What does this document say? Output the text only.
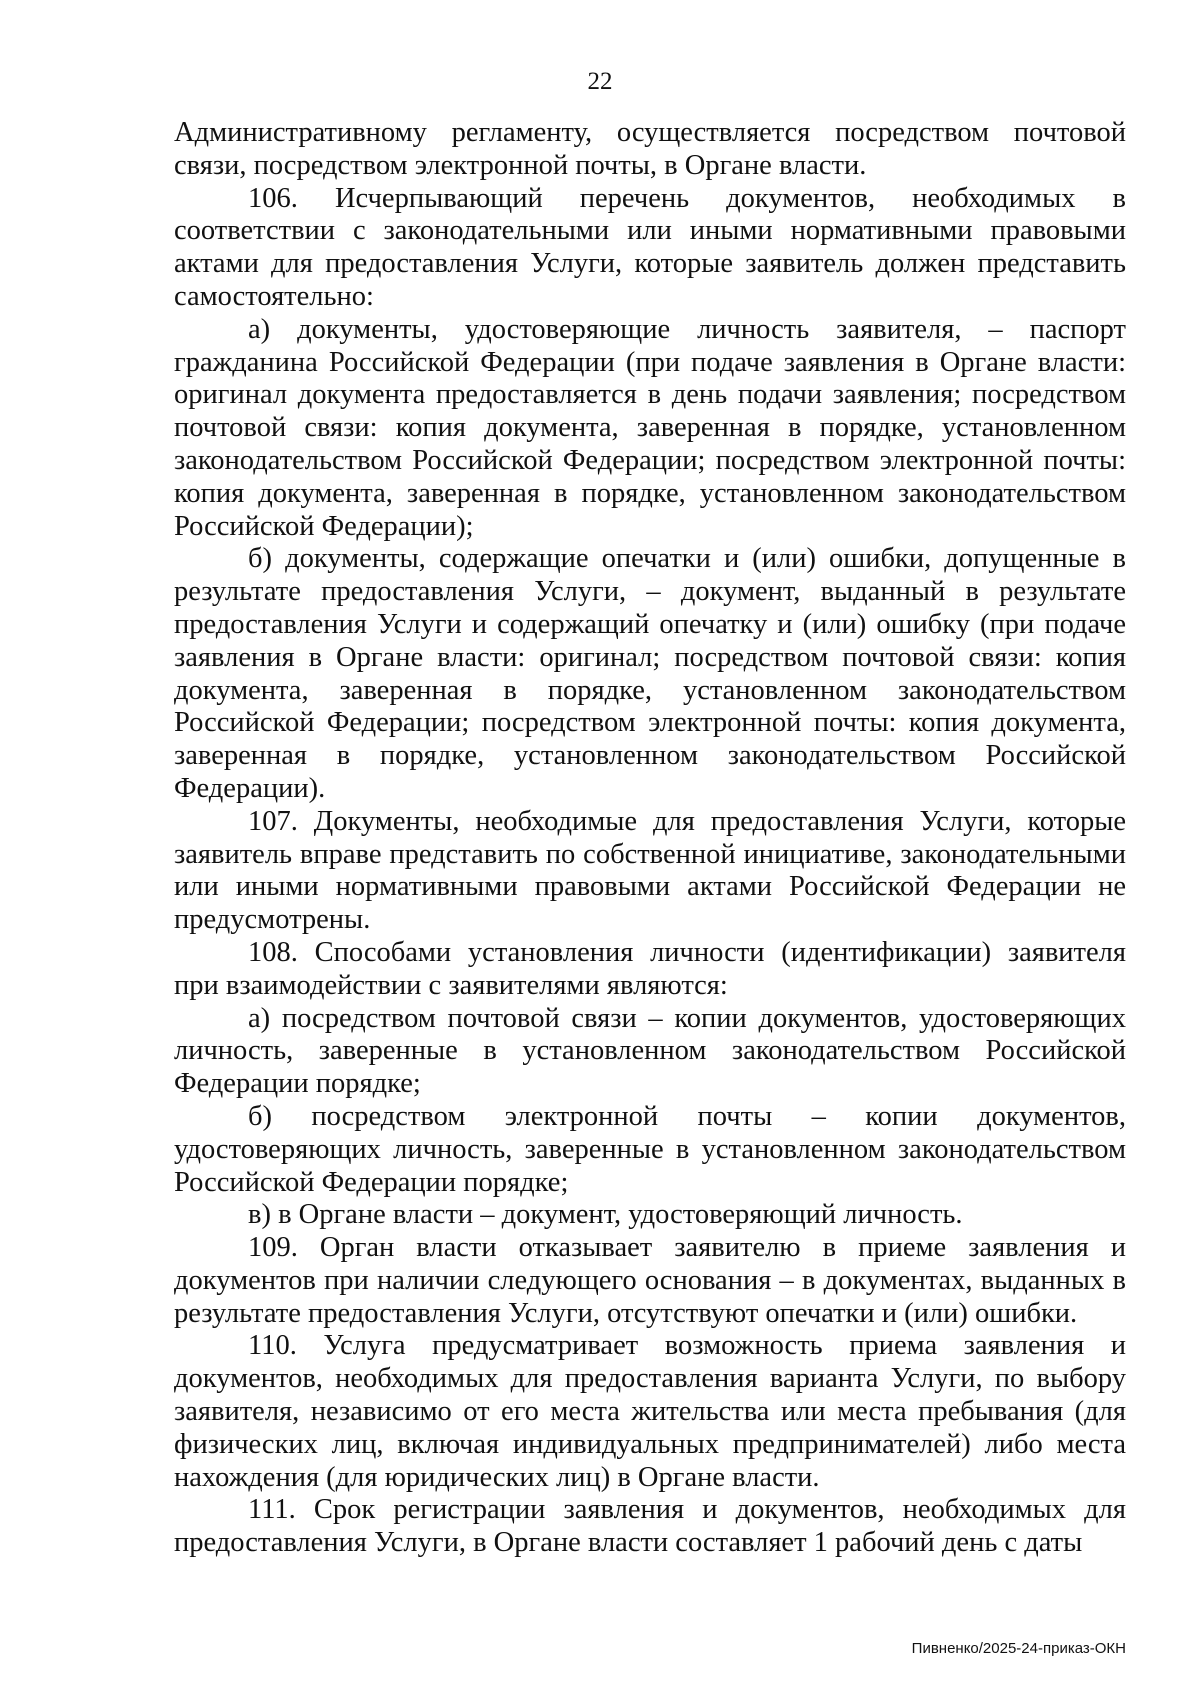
22

Административному регламенту, осуществляется посредством почтовой связи, посредством электронной почты, в Органе власти.

106. Исчерпывающий перечень документов, необходимых в соответствии с законодательными или иными нормативными правовыми актами для предоставления Услуги, которые заявитель должен представить самостоятельно:

а) документы, удостоверяющие личность заявителя, – паспорт гражданина Российской Федерации (при подаче заявления в Органе власти: оригинал документа предоставляется в день подачи заявления; посредством почтовой связи: копия документа, заверенная в порядке, установленном законодательством Российской Федерации; посредством электронной почты: копия документа, заверенная в порядке, установленном законодательством Российской Федерации);

б) документы, содержащие опечатки и (или) ошибки, допущенные в результате предоставления Услуги, – документ, выданный в результате предоставления Услуги и содержащий опечатку и (или) ошибку (при подаче заявления в Органе власти: оригинал; посредством почтовой связи: копия документа, заверенная в порядке, установленном законодательством Российской Федерации; посредством электронной почты: копия документа, заверенная в порядке, установленном законодательством Российской Федерации).

107. Документы, необходимые для предоставления Услуги, которые заявитель вправе представить по собственной инициативе, законодательными или иными нормативными правовыми актами Российской Федерации не предусмотрены.

108. Способами установления личности (идентификации) заявителя при взаимодействии с заявителями являются:

а) посредством почтовой связи – копии документов, удостоверяющих личность, заверенные в установленном законодательством Российской Федерации порядке;

б) посредством электронной почты – копии документов, удостоверяющих личность, заверенные в установленном законодательством Российской Федерации порядке;

в) в Органе власти – документ, удостоверяющий личность.

109. Орган власти отказывает заявителю в приеме заявления и документов при наличии следующего основания – в документах, выданных в результате предоставления Услуги, отсутствуют опечатки и (или) ошибки.

110. Услуга предусматривает возможность приема заявления и документов, необходимых для предоставления варианта Услуги, по выбору заявителя, независимо от его места жительства или места пребывания (для физических лиц, включая индивидуальных предпринимателей) либо места нахождения (для юридических лиц) в Органе власти.

111. Срок регистрации заявления и документов, необходимых для предоставления Услуги, в Органе власти составляет 1 рабочий день с даты

Пивненко/2025-24-приказ-ОКН
